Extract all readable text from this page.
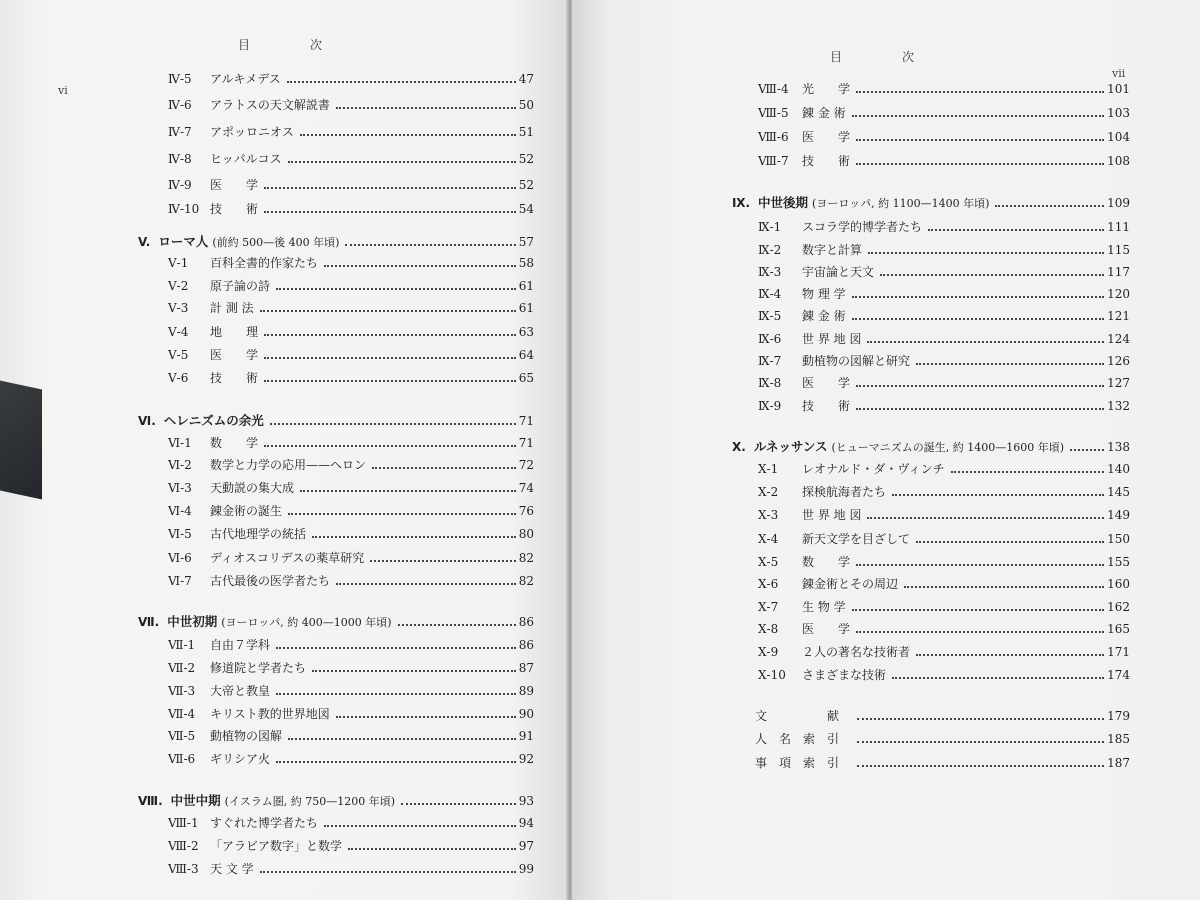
目次
vi
Ⅳ-5	アルキメデス	47
Ⅳ-6	アラトスの天文解説書	50
Ⅳ-7	アポッロニオス	51
Ⅳ-8	ヒッパルコス	52
Ⅳ-9	医　　学	52
Ⅳ-10 技　　術	54
V. ローマ人 (前約 500—後 400 年頃)	57
Ⅴ-1	百科全書的作家たち	58
Ⅴ-2	原子論の詩	61
Ⅴ-3	計 測 法	61
Ⅴ-4	地　　理	63
Ⅴ-5	医　　学	64
Ⅴ-6	技　　術	65
Ⅵ. ヘレニズムの余光	71
Ⅵ-1	数　　学	71
Ⅵ-2	数学と力学の応用——ヘロン	72
Ⅵ-3	天動説の集大成	74
Ⅵ-4	錬金術の誕生	76
Ⅵ-5	古代地理学の統括	80
Ⅵ-6	ディオスコリデスの薬草研究	82
Ⅵ-7	古代最後の医学者たち	82
Ⅶ. 中世初期 (ヨーロッパ, 約 400—1000 年頃)	86
Ⅶ-1	自由７学科	86
Ⅶ-2	修道院と学者たち	87
Ⅶ-3	大帝と教皇	89
Ⅶ-4	キリスト教的世界地図	90
Ⅶ-5	動植物の図解	91
Ⅶ-6	ギリシア火	92
Ⅷ. 中世中期 (イスラム圏, 約 750—1200 年頃)	93
Ⅷ-1 すぐれた博学者たち	94
Ⅷ-2 「アラビア数字」と数学	97
Ⅷ-3 天 文 学	99
目次
vii
Ⅷ-4	光　　学	101
Ⅷ-5	錬 金 術	103
Ⅷ-6	医　　学	104
Ⅷ-7	技　　術	108
Ⅸ. 中世後期 (ヨーロッパ, 約 1100—1400 年頃)	109
Ⅸ-1	スコラ学的博学者たち	111
Ⅸ-2	数字と計算	115
Ⅸ-3	宇宙論と天文	117
Ⅸ-4	物 理 学	120
Ⅸ-5	錬 金 術	121
Ⅸ-6	世 界 地 図	124
Ⅸ-7	動植物の図解と研究	126
Ⅸ-8	医　　学	127
Ⅸ-9	技　　術	132
Ⅹ. ルネッサンス (ヒューマニズムの誕生, 約 1400—1600 年頃)	138
Ⅹ-1	レオナルド・ダ・ヴィンチ	140
Ⅹ-2	探検航海者たち	145
Ⅹ-3	世 界 地 図	149
Ⅹ-4	新天文学を目ざして	150
Ⅹ-5	数　　学	155
Ⅹ-6	錬金術とその周辺	160
Ⅹ-7	生 物 学	162
Ⅹ-8	医　　学	165
Ⅹ-9	２人の著名な技術者	171
Ⅹ-10	さまざまな技術	174
文　　献	179
人名索引	185
事項索引	187
